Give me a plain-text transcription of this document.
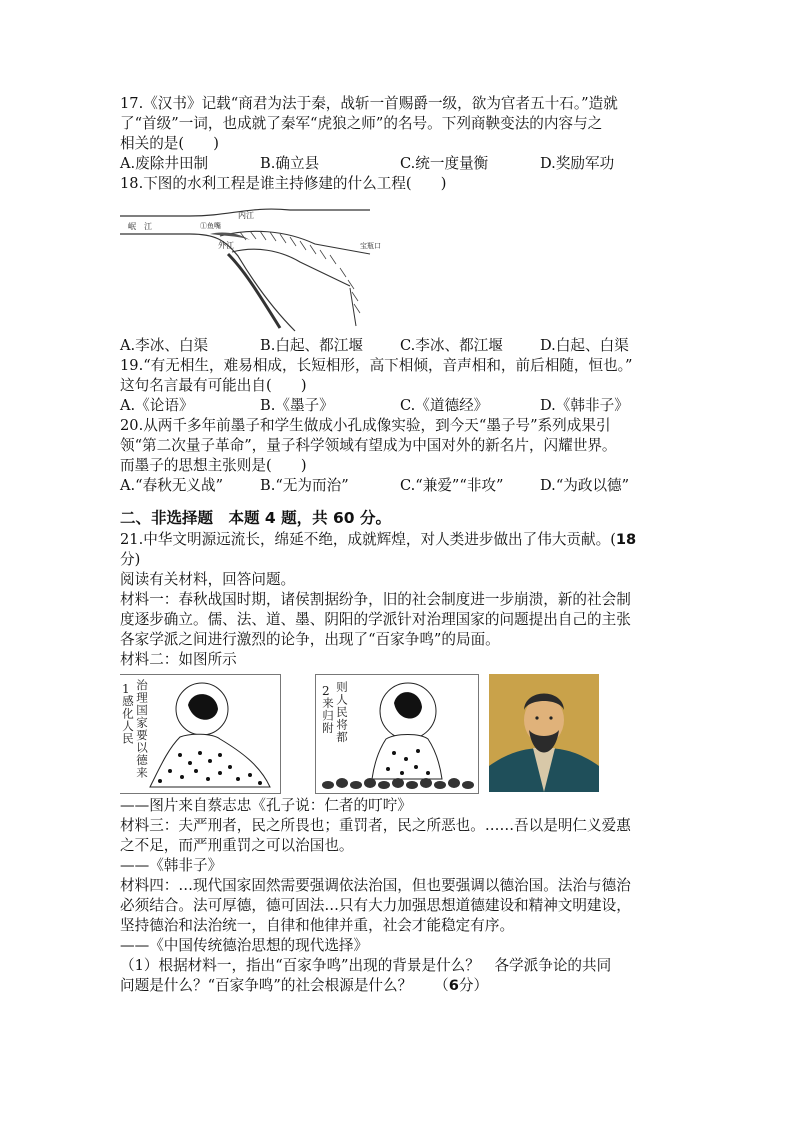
17.《汉书》记载“商君为法于秦，战斩一首赐爵一级，欲为官者五十石。”造就
了“首级”一词，也成就了秦军“虎狼之师”的名号。下列商鞅变法的内容与之
相关的是(　　)
A.废除井田制	B.确立县	C.统一度量衡	D.奖励军功
18.下图的水利工程是谁主持修建的什么工程(　　)
岷　江
内江
外江
①鱼嘴
宝瓶口
A.李冰、白渠	B.白起、都江堰	C.李冰、都江堰	D.白起、白渠
19.“有无相生，难易相成，长短相形，高下相倾，音声相和，前后相随，恒也。”
这句名言最有可能出自(　　)
A.《论语》	B.《墨子》	C.《道德经》	D.《韩非子》
20.从两千多年前墨子和学生做成小孔成像实验，到今天“墨子号”系列成果引
领“第二次量子革命”，量子科学领域有望成为中国对外的新名片，闪耀世界。
而墨子的思想主张则是(　　)
A.“春秋无义战”	B.“无为而治”	C.“兼爱”“非攻”	D.“为政以德”
二、非选择题　本题 4 题，共 60 分。
21.中华文明源远流长，绵延不绝，成就辉煌，对人类进步做出了伟大贡献。(18
分)
阅读有关材料，回答问题。
材料一：春秋战国时期，诸侯割据纷争，旧的社会制度进一步崩溃，新的社会制
度逐步确立。儒、法、道、墨、阴阳的学派针对治理国家的问题提出自己的主张
各家学派之间进行激烈的论争，出现了“百家争鸣”的局面。
材料二：如图所示
1
感化人民 治理国家要以德来	2
来归附 则人民将都
——图片来自蔡志忠《孔子说：仁者的叮咛》
材料三：夫严刑者，民之所畏也；重罚者，民之所恶也。……吾以是明仁义爱惠
之不足，而严刑重罚之可以治国也。
——《韩非子》
材料四：…现代国家固然需要强调依法治国，但也要强调以德治国。法治与德治
必须结合。法可厚德，德可固法…只有大力加强思想道德建设和精神文明建设，
坚持德治和法治统一，自律和他律并重，社会才能稳定有序。
——《中国传统德治思想的现代选择》
（1）根据材料一，指出“百家争鸣”出现的背景是什么？　各学派争论的共同
问题是什么？“百家争鸣”的社会根源是什么？　　（6分）
